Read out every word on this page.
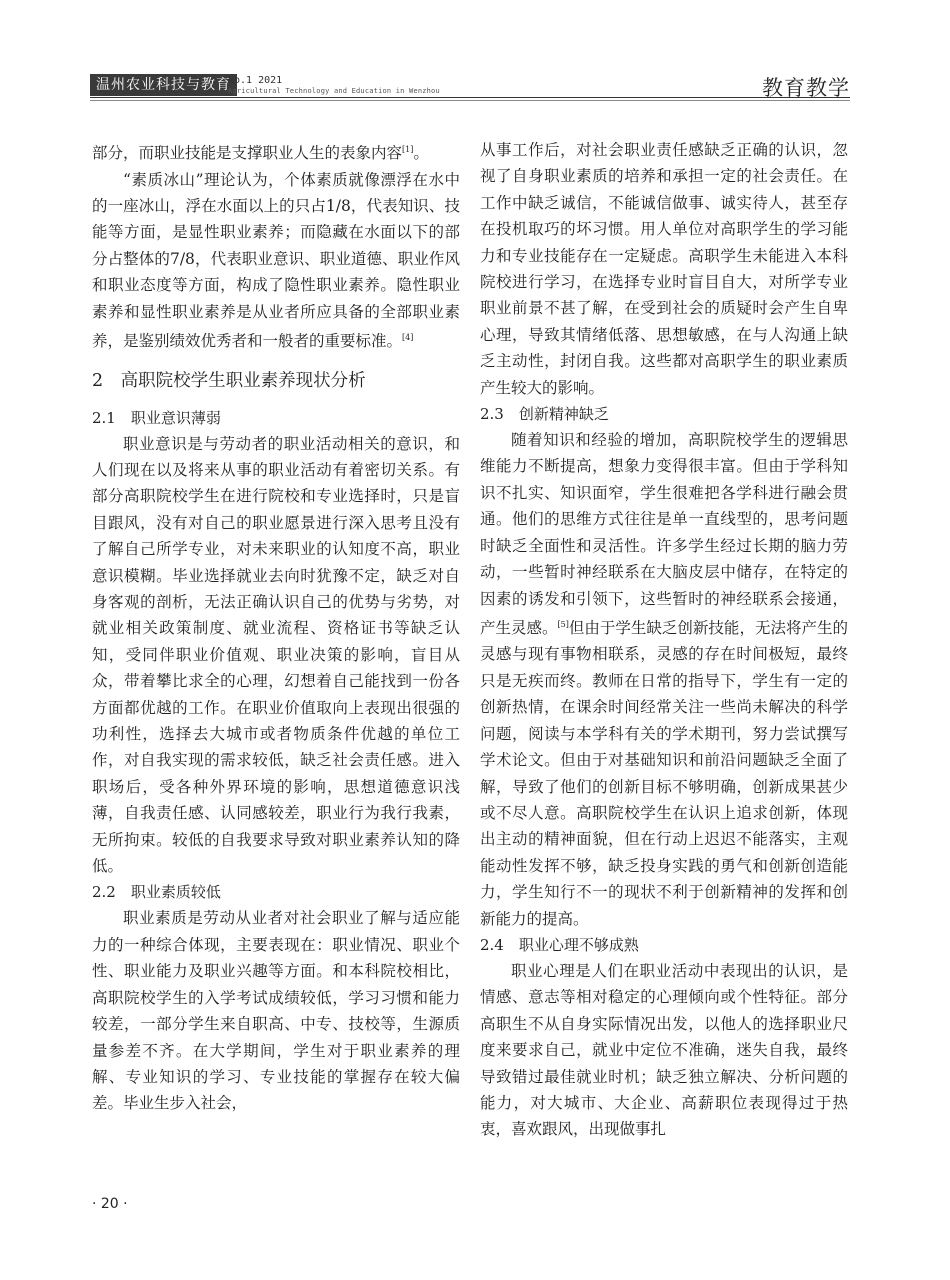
温州农业科技与教育
No.1 2021
Agricultural Technology and Education in Wenzhou	教育教学

部分，而职业技能是支撑职业人生的表象内容[1]。

“素质冰山”理论认为，个体素质就像漂浮在水中的一座冰山，浮在水面以上的只占1/8，代表知识、技能等方面，是显性职业素养；而隐藏在水面以下的部分占整体的7/8，代表职业意识、职业道德、职业作风和职业态度等方面，构成了隐性职业素养。隐性职业素养和显性职业素养是从业者所应具备的全部职业素养，是鉴别绩效优秀者和一般者的重要标准。[4]

2　高职院校学生职业素养现状分析
2.1　职业意识薄弱

职业意识是与劳动者的职业活动相关的意识，和人们现在以及将来从事的职业活动有着密切关系。有部分高职院校学生在进行院校和专业选择时，只是盲目跟风，没有对自己的职业愿景进行深入思考且没有了解自己所学专业，对未来职业的认知度不高，职业意识模糊。毕业选择就业去向时犹豫不定，缺乏对自身客观的剖析，无法正确认识自己的优势与劣势，对就业相关政策制度、就业流程、资格证书等缺乏认知，受同伴职业价值观、职业决策的影响，盲目从众，带着攀比求全的心理，幻想着自己能找到一份各方面都优越的工作。在职业价值取向上表现出很强的功利性，选择去大城市或者物质条件优越的单位工作，对自我实现的需求较低，缺乏社会责任感。进入职场后，受各种外界环境的影响，思想道德意识浅薄，自我责任感、认同感较差，职业行为我行我素，无所拘束。较低的自我要求导致对职业素养认知的降低。

2.2　职业素质较低

职业素质是劳动从业者对社会职业了解与适应能力的一种综合体现，主要表现在：职业情况、职业个性、职业能力及职业兴趣等方面。和本科院校相比，高职院校学生的入学考试成绩较低，学习习惯和能力较差，一部分学生来自职高、中专、技校等，生源质量参差不齐。在大学期间，学生对于职业素养的理解、专业知识的学习、专业技能的掌握存在较大偏差。毕业生步入社会，

从事工作后，对社会职业责任感缺乏正确的认识，忽视了自身职业素质的培养和承担一定的社会责任。在工作中缺乏诚信，不能诚信做事、诚实待人，甚至存在投机取巧的坏习惯。用人单位对高职学生的学习能力和专业技能存在一定疑虑。高职学生未能进入本科院校进行学习，在选择专业时盲目自大，对所学专业职业前景不甚了解，在受到社会的质疑时会产生自卑心理，导致其情绪低落、思想敏感，在与人沟通上缺乏主动性，封闭自我。这些都对高职学生的职业素质产生较大的影响。

2.3　创新精神缺乏

随着知识和经验的增加，高职院校学生的逻辑思维能力不断提高，想象力变得很丰富。但由于学科知识不扎实、知识面窄，学生很难把各学科进行融会贯通。他们的思维方式往往是单一直线型的，思考问题时缺乏全面性和灵活性。许多学生经过长期的脑力劳动，一些暂时神经联系在大脑皮层中储存，在特定的因素的诱发和引领下，这些暂时的神经联系会接通，产生灵感。[5]但由于学生缺乏创新技能，无法将产生的灵感与现有事物相联系，灵感的存在时间极短，最终只是无疾而终。教师在日常的指导下，学生有一定的创新热情，在课余时间经常关注一些尚未解决的科学问题，阅读与本学科有关的学术期刊，努力尝试撰写学术论文。但由于对基础知识和前沿问题缺乏全面了解，导致了他们的创新目标不够明确，创新成果甚少或不尽人意。高职院校学生在认识上追求创新，体现出主动的精神面貌，但在行动上迟迟不能落实，主观能动性发挥不够，缺乏投身实践的勇气和创新创造能力，学生知行不一的现状不利于创新精神的发挥和创新能力的提高。

2.4　职业心理不够成熟

职业心理是人们在职业活动中表现出的认识，是情感、意志等相对稳定的心理倾向或个性特征。部分高职生不从自身实际情况出发，以他人的选择职业尺度来要求自己，就业中定位不准确，迷失自我，最终导致错过最佳就业时机；缺乏独立解决、分析问题的能力，对大城市、大企业、高薪职位表现得过于热衷，喜欢跟风，出现做事扎

· 20 ·
